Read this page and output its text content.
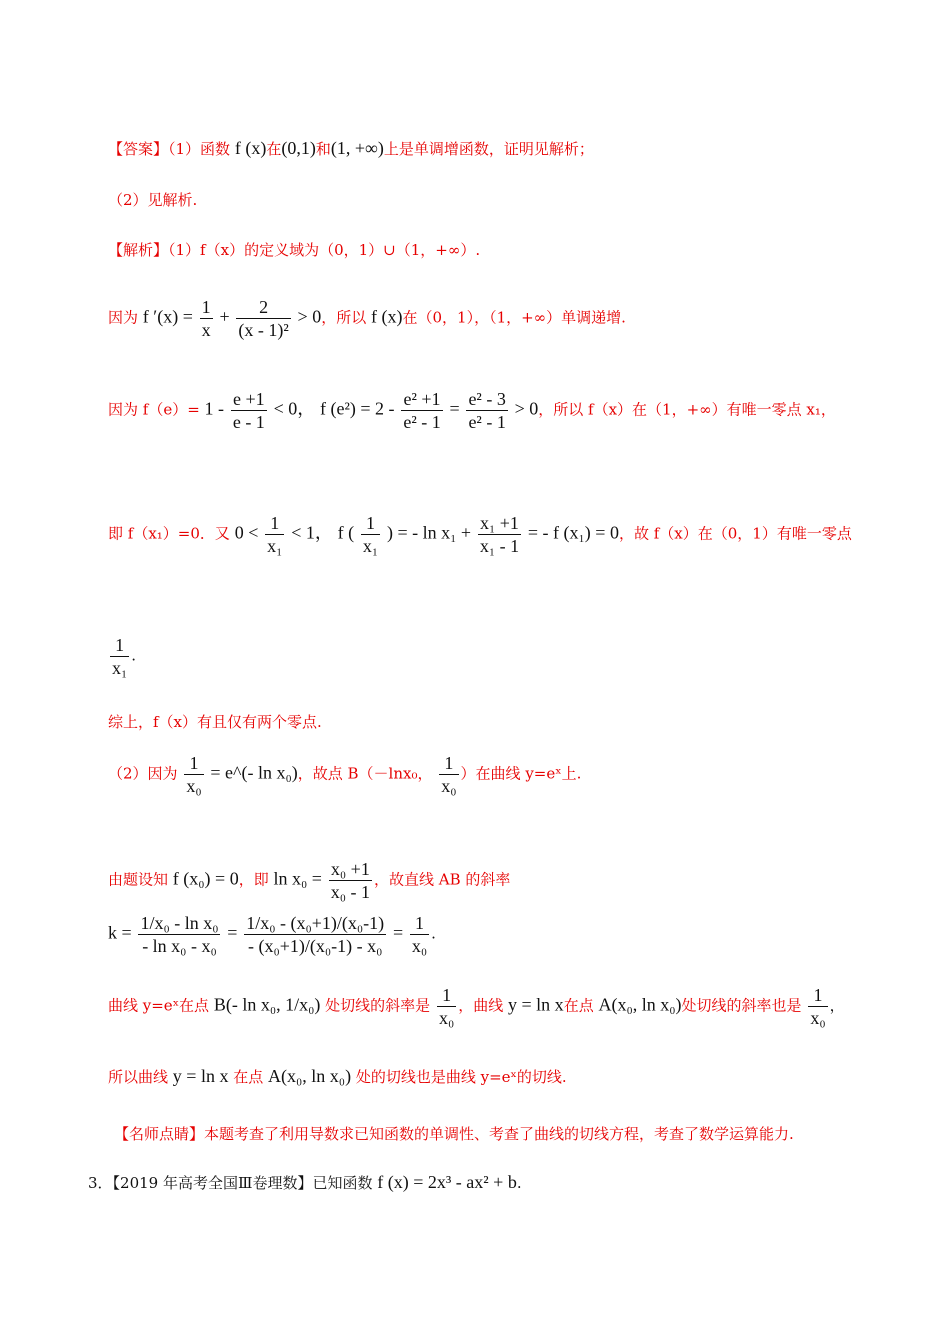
【答案】（1）函数 f (x)在(0,1)和(1, +∞)上是单调增函数，证明见解析；
（2）见解析.
【解析】（1）f（x）的定义域为（0，1）∪（1，+∞）.
因为 f $'(x) = \frac{1}{x} + \frac{2}{\text{(x - 1)²}} > 0$，所以 f (x)在（0，1），（1，+∞）单调递增.
因为 $f(e)= 1 - \frac{e +1}{e - 1} < 0$， f $(e^2) = 2 - \frac{\text{e² +1}}{\text{e² - 1}} = \frac{\text{e² - 3}}{\text{e² - 1}} > 0$，所以 f（x）在（1，+∞）有唯一零点 x₁，
即 f（x₁）=0．又 $0 < \frac{1}{\text{x₁}} < 1$， f ( $\frac{1}{\text{x₁}}$ ) = - $\ln x_1 + \frac{\text{x₁ +1}}{\text{x₁ - 1}}$ = - f (x₁) = 0，故 f（x）在（0，1）有唯一零点
$\frac{1}{\text{x₁}}$ .
综上，f（x）有且仅有两个零点.
（2）因为 $\frac{1}{\text{x₀}}$ = e^(- ln x₀)，故点 B（－lnx₀， $\frac{1}{\text{x₀}}$ ）在曲线 y=eˣ上.
由题设知 f (x₀) = 0，即 $\ln x_0 = \frac{\text{x₀ +1}}{\text{x₀ - 1}}$ ，故直线 AB 的斜率
$k = \frac{\text{1/x₀ - ln x₀}}{\text{- ln x₀ - x₀}} = \frac{\text{1/x₀ - (x₀+1)/(x₀-1)}}{\text{- (x₀+1)/(x₀-1) - x₀}} = \frac{1}{\text{x₀}}$ .
曲线 y=eˣ在点 B(- ln x₀, 1/x₀) 处切线的斜率是 $\frac{1}{\text{x₀}}$ ，曲线 y = ln x在点 A(x₀, ln x₀)处切线的斜率也是 $\frac{1}{\text{x₀}}$ ，
所以曲线 y = ln x 在点 A(x₀, ln x₀) 处的切线也是曲线 y=eˣ的切线.
【名师点睛】本题考查了利用导数求已知函数的单调性、考查了曲线的切线方程，考查了数学运算能力.
3．【2019 年高考全国Ⅲ卷理数】已知函数 f (x) = 2x³ - ax² + b.
